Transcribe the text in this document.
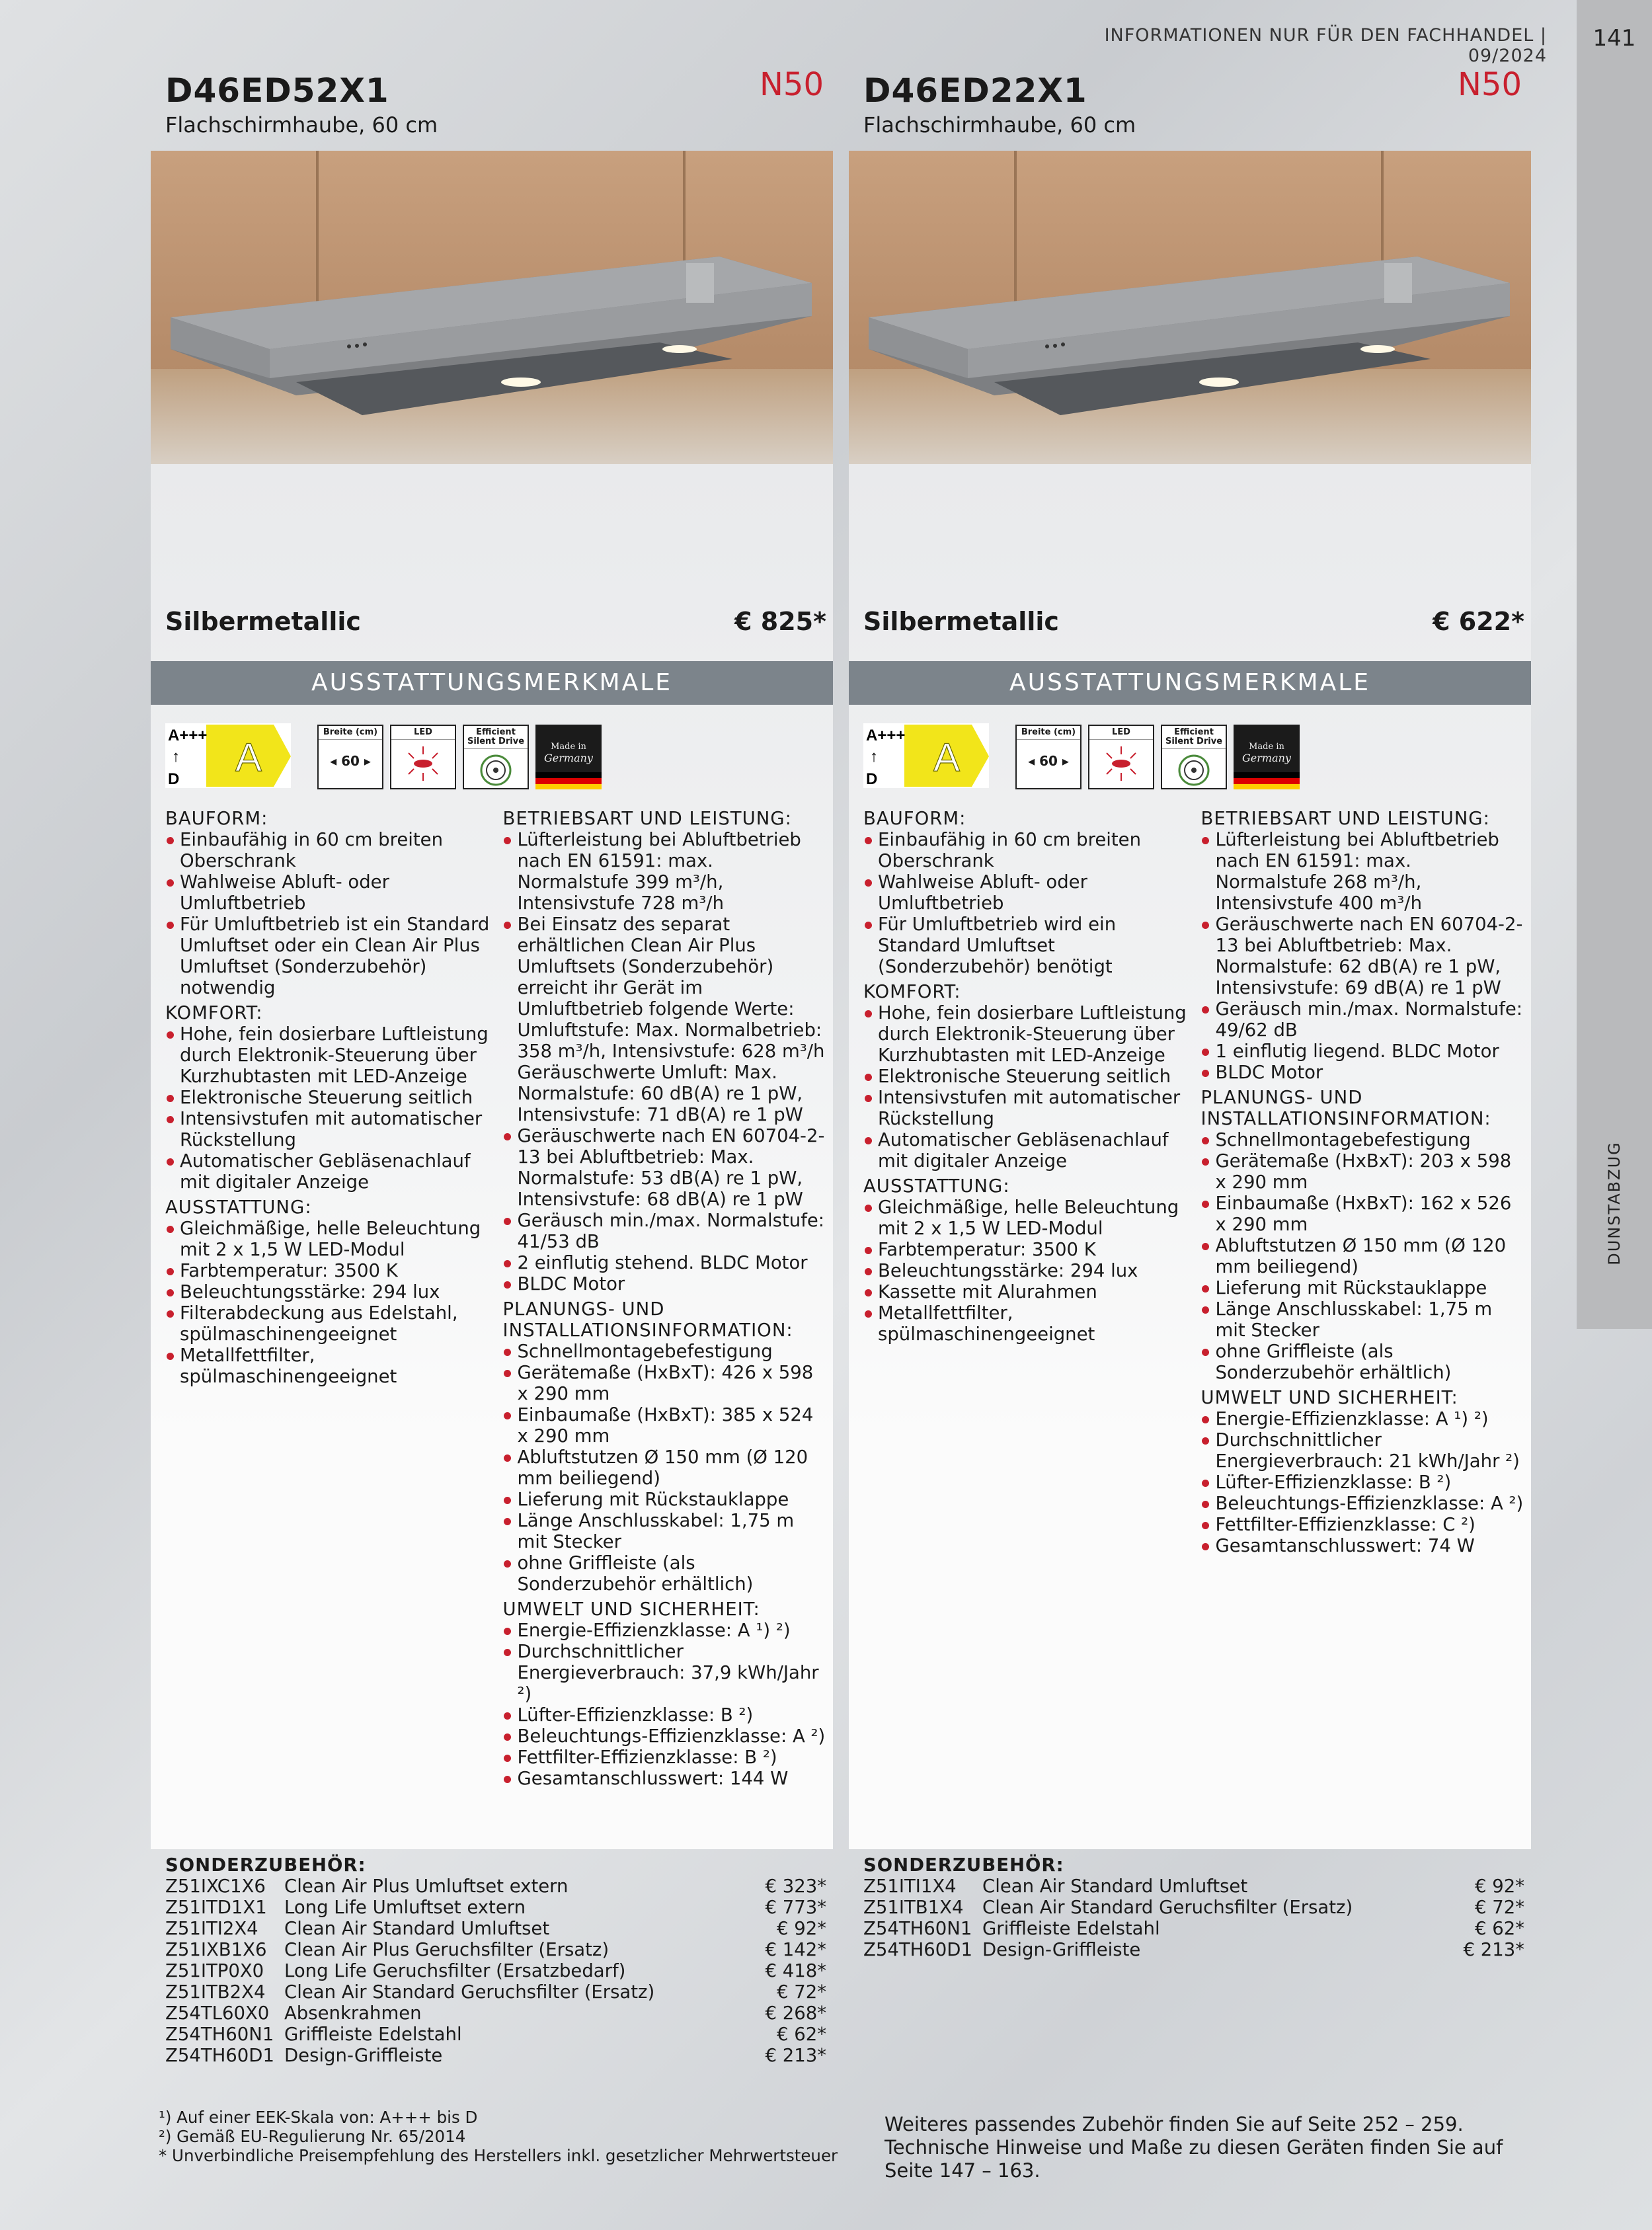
INFORMATIONEN NUR FÜR DEN FACHHANDEL | 09/2024
141
DUNSTABZUG
D46ED52X1
Flachschirmhaube, 60 cm
N50
Silbermetallic	€ 825*
AUSSTATTUNGSMERKMALE
A
A+++
↑
D
Breite (cm)
◂ 60 ▸
LED	Efficient Silent Drive
Made in
Germany
BAUFORM:
Einbaufähig in 60 cm breiten Oberschrank
Wahlweise Abluft- oder Umluftbetrieb
Für Umluftbetrieb ist ein Standard Umluftset oder ein Clean Air Plus Umluftset (Sonderzubehör) notwendig
KOMFORT:
Hohe, fein dosierbare Luftleistung durch Elektronik-Steuerung über Kurzhubtasten mit LED-Anzeige
Elektronische Steuerung seitlich
Intensivstufen mit automatischer Rückstellung
Automatischer Gebläsenachlauf mit digitaler Anzeige
AUSSTATTUNG:
Gleichmäßige, helle Beleuchtung mit 2 x 1,5 W LED-Modul
Farbtemperatur: 3500 K
Beleuchtungsstärke: 294 lux
Filterabdeckung aus Edelstahl, spülmaschinengeeignet
Metallfettfilter, spülmaschinengeeignet
BETRIEBSART UND LEISTUNG:
Lüfterleistung bei Abluftbetrieb nach EN 61591: max. Normalstufe 399 m³/h, Intensivstufe 728 m³/h
Bei Einsatz des separat erhältlichen Clean Air Plus Umluftsets (Sonderzubehör) erreicht ihr Gerät im Umluftbetrieb folgende Werte: Umluftstufe: Max. Normalbetrieb: 358 m³/h, Intensivstufe: 628 m³/h Geräuschwerte Umluft: Max. Normalstufe: 60 dB(A) re 1 pW, Intensivstufe: 71 dB(A) re 1 pW
Geräuschwerte nach EN 60704-2-13 bei Abluftbetrieb: Max. Normalstufe: 53 dB(A) re 1 pW, Intensivstufe: 68 dB(A) re 1 pW
Geräusch min./max. Normalstufe: 41/53 dB
2 einflutig stehend. BLDC Motor
BLDC Motor
PLANUNGS- UND INSTALLATIONSINFORMATION:
Schnellmontagebefestigung
Gerätemaße (HxBxT): 426 x 598 x 290 mm
Einbaumaße (HxBxT): 385 x 524 x 290 mm
Abluftstutzen Ø 150 mm (Ø 120 mm beiliegend)
Lieferung mit Rückstauklappe
Länge Anschlusskabel: 1,75 m mit Stecker
ohne Griffleiste (als Sonderzubehör erhältlich)
UMWELT UND SICHERHEIT:
Energie-Effizienzklasse: A ¹) ²)
Durchschnittlicher Energieverbrauch: 37,9 kWh/Jahr ²)
Lüfter-Effizienzklasse: B ²)
Beleuchtungs-Effizienzklasse: A ²)
Fettfilter-Effizienzklasse: B ²)
Gesamtanschlusswert: 144 W
SONDERZUBEHÖR:
Z51IXC1X6	Clean Air Plus Umluftset extern	€ 323*
Z51ITD1X1 Long Life Umluftset extern	€ 773*
Z51ITI2X4	Clean Air Standard Umluftset	€ 92*
Z51IXB1X6 Clean Air Plus Geruchsfilter (Ersatz)	€ 142*
Z51ITP0X0	Long Life Geruchsfilter (Ersatzbedarf)	€ 418*
Z51ITB2X4	Clean Air Standard Geruchsfilter (Ersatz)	€ 72*
Z54TL60X0 Absenkrahmen	€ 268*
Z54TH60N1 Griffleiste Edelstahl	€ 62*
Z54TH60D1 Design-Griffleiste	€ 213*
D46ED22X1
Flachschirmhaube, 60 cm
N50
Silbermetallic	€ 622*
AUSSTATTUNGSMERKMALE
A
A+++
↑
D
Breite (cm)
◂ 60 ▸
LED	Efficient Silent Drive
Made in
Germany
BAUFORM:
Einbaufähig in 60 cm breiten Oberschrank
Wahlweise Abluft- oder Umluftbetrieb
Für Umluftbetrieb wird ein Standard Umluftset (Sonderzubehör) benötigt
KOMFORT:
Hohe, fein dosierbare Luftleistung durch Elektronik-Steuerung über Kurzhubtasten mit LED-Anzeige
Elektronische Steuerung seitlich
Intensivstufen mit automatischer Rückstellung
Automatischer Gebläsenachlauf mit digitaler Anzeige
AUSSTATTUNG:
Gleichmäßige, helle Beleuchtung mit 2 x 1,5 W LED-Modul
Farbtemperatur: 3500 K
Beleuchtungsstärke: 294 lux
Kassette mit Alurahmen
Metallfettfilter, spülmaschinengeeignet
BETRIEBSART UND LEISTUNG:
Lüfterleistung bei Abluftbetrieb nach EN 61591: max. Normalstufe 268 m³/h, Intensivstufe 400 m³/h
Geräuschwerte nach EN 60704-2-13 bei Abluftbetrieb: Max. Normalstufe: 62 dB(A) re 1 pW, Intensivstufe: 69 dB(A) re 1 pW
Geräusch min./max. Normalstufe: 49/62 dB
1 einflutig liegend. BLDC Motor
BLDC Motor
PLANUNGS- UND INSTALLATIONSINFORMATION:
Schnellmontagebefestigung
Gerätemaße (HxBxT): 203 x 598 x 290 mm
Einbaumaße (HxBxT): 162 x 526 x 290 mm
Abluftstutzen Ø 150 mm (Ø 120 mm beiliegend)
Lieferung mit Rückstauklappe
Länge Anschlusskabel: 1,75 m mit Stecker
ohne Griffleiste (als Sonderzubehör erhältlich)
UMWELT UND SICHERHEIT:
Energie-Effizienzklasse: A ¹) ²)
Durchschnittlicher Energieverbrauch: 21 kWh/Jahr ²)
Lüfter-Effizienzklasse: B ²)
Beleuchtungs-Effizienzklasse: A ²)
Fettfilter-Effizienzklasse: C ²)
Gesamtanschlusswert: 74 W
SONDERZUBEHÖR:
Z51ITI1X4	Clean Air Standard Umluftset	€ 92*
Z51ITB1X4	Clean Air Standard Geruchsfilter (Ersatz)	€ 72*
Z54TH60N1 Griffleiste Edelstahl	€ 62*
Z54TH60D1 Design-Griffleiste	€ 213*
¹) Auf einer EEK-Skala von: A+++ bis D
²) Gemäß EU-Regulierung Nr. 65/2014
* Unverbindliche Preisempfehlung des Herstellers inkl. gesetzlicher Mehrwertsteuer
Weiteres passendes Zubehör finden Sie auf Seite 252 – 259.
Technische Hinweise und Maße zu diesen Geräten finden Sie auf Seite 147 – 163.
